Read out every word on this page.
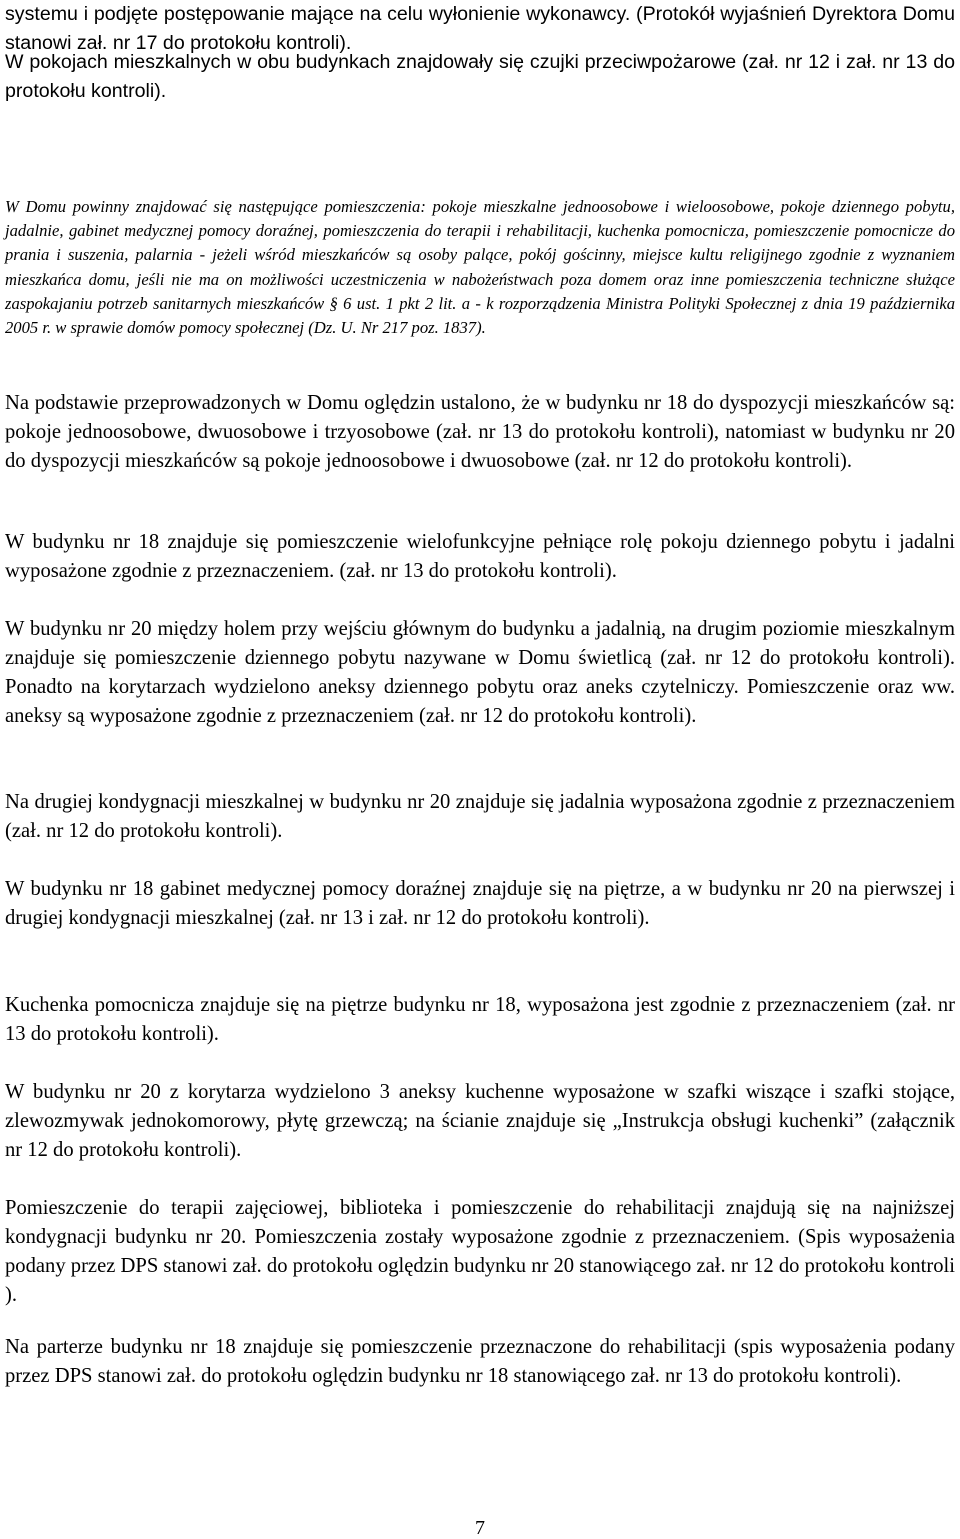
systemu i podjęte postępowanie mające na celu wyłonienie wykonawcy. (Protokół wyjaśnień Dyrektora Domu stanowi zał. nr 17 do protokołu kontroli).

W pokojach mieszkalnych w obu budynkach znajdowały się czujki przeciwpożarowe (zał. nr 12 i zał. nr 13 do protokołu kontroli).

W Domu powinny znajdować się następujące pomieszczenia: pokoje mieszkalne jednoosobowe i wieloosobowe, pokoje dziennego pobytu, jadalnie, gabinet medycznej pomocy doraźnej, pomieszczenia do terapii i rehabilitacji, kuchenka pomocnicza, pomieszczenie pomocnicze do prania i suszenia, palarnia - jeżeli wśród mieszkańców są osoby palące, pokój gościnny, miejsce kultu religijnego zgodnie z wyznaniem mieszkańca domu, jeśli nie ma on możliwości uczestniczenia w nabożeństwach poza domem oraz inne pomieszczenia techniczne służące zaspokajaniu potrzeb sanitarnych mieszkańców § 6 ust. 1 pkt 2 lit. a - k rozporządzenia Ministra Polityki Społecznej z dnia 19 października 2005 r. w sprawie domów pomocy społecznej (Dz. U. Nr 217 poz. 1837).

Na podstawie przeprowadzonych w Domu oględzin ustalono, że w budynku nr 18 do dyspozycji mieszkańców są: pokoje jednoosobowe, dwuosobowe i trzyosobowe (zał. nr 13 do protokołu kontroli), natomiast w budynku nr 20 do dyspozycji mieszkańców są pokoje jednoosobowe i dwuosobowe (zał. nr 12 do protokołu kontroli).

W budynku nr 18 znajduje się pomieszczenie wielofunkcyjne pełniące rolę pokoju dziennego pobytu i jadalni wyposażone zgodnie z przeznaczeniem. (zał. nr 13 do protokołu kontroli).

W budynku nr 20 między holem przy wejściu głównym do budynku a jadalnią, na drugim poziomie mieszkalnym znajduje się pomieszczenie dziennego pobytu nazywane w Domu świetlicą (zał. nr 12 do protokołu kontroli). Ponadto na korytarzach wydzielono aneksy dziennego pobytu oraz aneks czytelniczy. Pomieszczenie oraz ww. aneksy są wyposażone zgodnie z przeznaczeniem (zał. nr 12 do protokołu kontroli).

Na drugiej kondygnacji mieszkalnej w budynku nr 20 znajduje się jadalnia wyposażona zgodnie z przeznaczeniem (zał. nr 12 do protokołu kontroli).

W budynku nr 18 gabinet medycznej pomocy doraźnej znajduje się na piętrze, a w budynku nr 20 na pierwszej i drugiej kondygnacji mieszkalnej (zał. nr 13 i zał. nr 12 do protokołu kontroli).

Kuchenka pomocnicza znajduje się na piętrze budynku nr 18, wyposażona jest zgodnie z przeznaczeniem (zał. nr 13 do protokołu kontroli).

W budynku nr 20 z korytarza wydzielono 3 aneksy kuchenne wyposażone w szafki wiszące i szafki stojące, zlewozmywak jednokomorowy, płytę grzewczą; na ścianie znajduje się „Instrukcja obsługi kuchenki” (załącznik nr 12 do protokołu kontroli).

Pomieszczenie do terapii zajęciowej, biblioteka i pomieszczenie do rehabilitacji znajdują się na najniższej kondygnacji budynku nr 20. Pomieszczenia zostały wyposażone zgodnie z przeznaczeniem. (Spis wyposażenia podany przez DPS stanowi zał. do protokołu oględzin budynku nr 20 stanowiącego zał. nr 12 do protokołu kontroli ).

Na parterze budynku nr 18 znajduje się pomieszczenie przeznaczone do rehabilitacji (spis wyposażenia podany przez DPS stanowi zał. do protokołu oględzin budynku nr 18 stanowiącego zał. nr 13 do protokołu kontroli).

7
